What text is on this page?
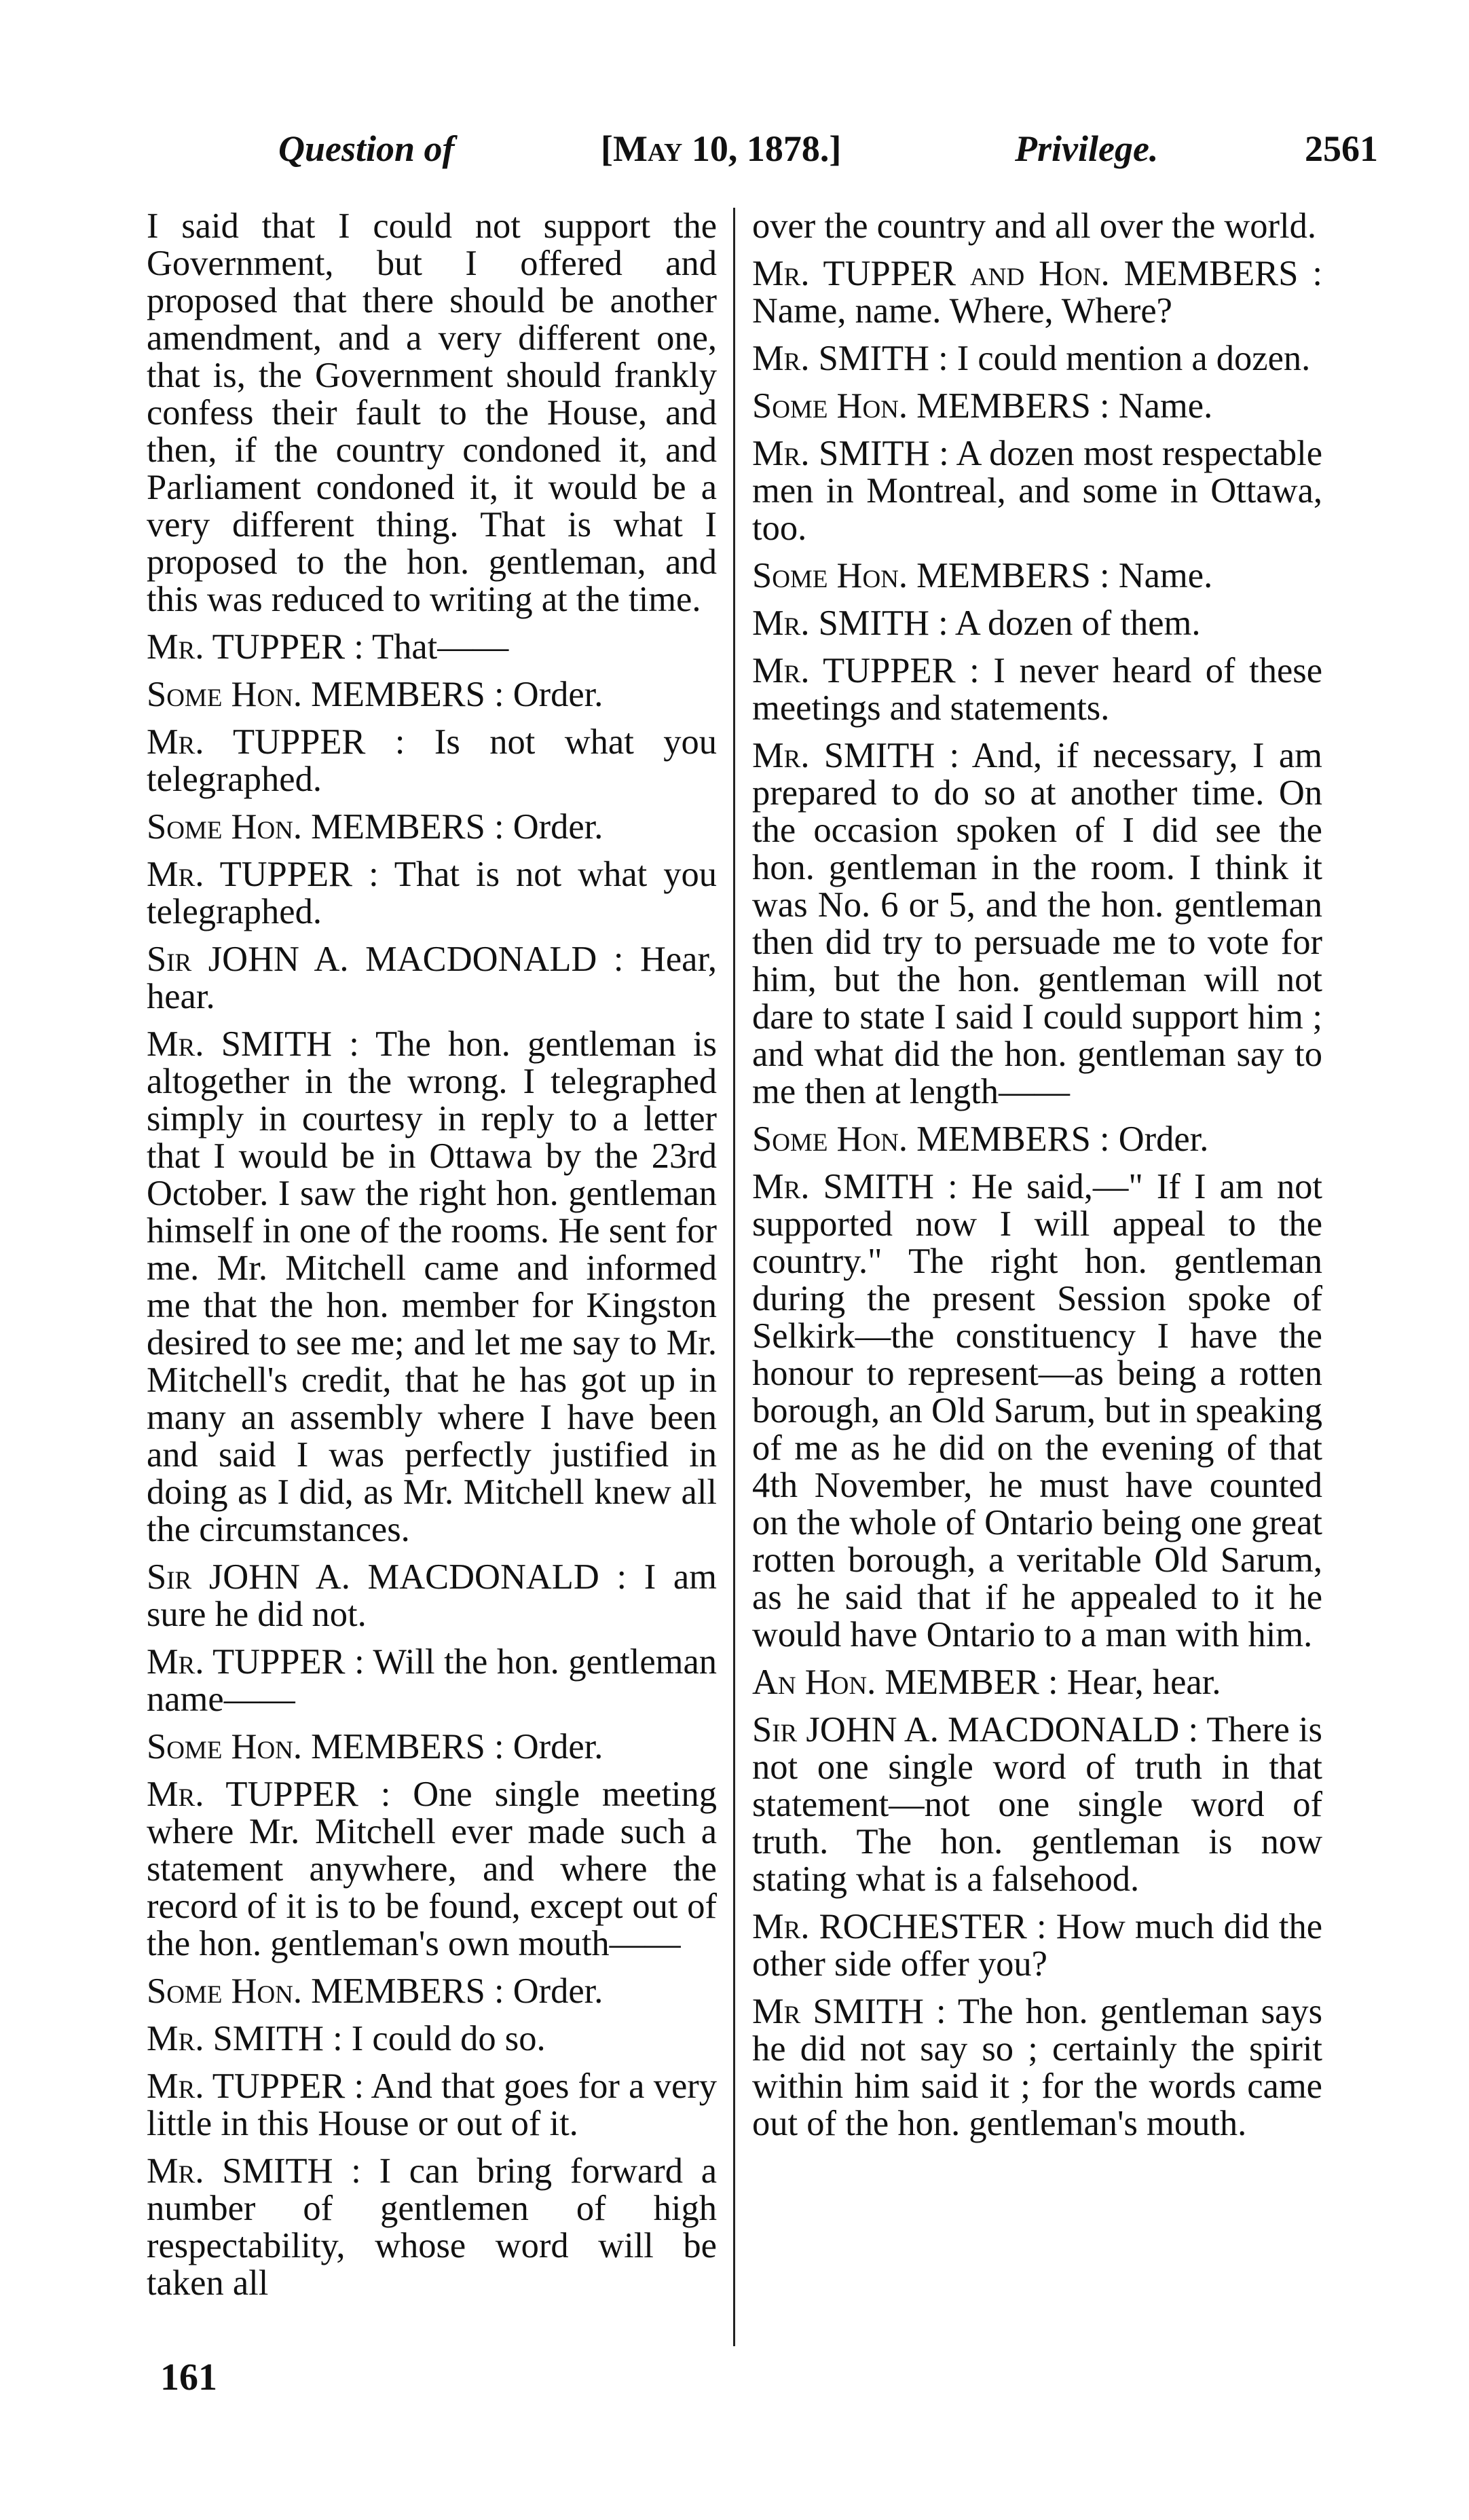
Question of	[May 10, 1878.]	Privilege.	2561

I said that I could not support the Government, but I offered and proposed that there should be another amendment, and a very different one, that is, the Government should frankly confess their fault to the House, and then, if the country condoned it, and Parliament condoned it, it would be a very different thing. That is what I proposed to the hon. gentleman, and this was reduced to writing at the time.

Mr. TUPPER : That——

Some Hon. MEMBERS : Order.

Mr. TUPPER : Is not what you telegraphed.

Some Hon. MEMBERS : Order.

Mr. TUPPER : That is not what you telegraphed.

Sir JOHN A. MACDONALD : Hear, hear.

Mr. SMITH : The hon. gentleman is altogether in the wrong. I telegraphed simply in courtesy in reply to a letter that I would be in Ottawa by the 23rd October. I saw the right hon. gentleman himself in one of the rooms. He sent for me. Mr. Mitchell came and informed me that the hon. member for Kingston desired to see me; and let me say to Mr. Mitchell's credit, that he has got up in many an assembly where I have been and said I was perfectly justified in doing as I did, as Mr. Mitchell knew all the circumstances.

Sir JOHN A. MACDONALD : I am sure he did not.

Mr. TUPPER : Will the hon. gentleman name——

Some Hon. MEMBERS : Order.

Mr. TUPPER : One single meeting where Mr. Mitchell ever made such a statement anywhere, and where the record of it is to be found, except out of the hon. gentleman's own mouth——

Some Hon. MEMBERS : Order.

Mr. SMITH : I could do so.

Mr. TUPPER : And that goes for a very little in this House or out of it.

Mr. SMITH : I can bring forward a number of gentlemen of high respectability, whose word will be taken all

over the country and all over the world.

Mr. TUPPER and Hon. MEMBERS : Name, name. Where, Where?

Mr. SMITH : I could mention a dozen.

Some Hon. MEMBERS : Name.

Mr. SMITH : A dozen most respectable men in Montreal, and some in Ottawa, too.

Some Hon. MEMBERS : Name.

Mr. SMITH : A dozen of them.

Mr. TUPPER : I never heard of these meetings and statements.

Mr. SMITH : And, if necessary, I am prepared to do so at another time. On the occasion spoken of I did see the hon. gentleman in the room. I think it was No. 6 or 5, and the hon. gentleman then did try to persuade me to vote for him, but the hon. gentleman will not dare to state I said I could support him ; and what did the hon. gentleman say to me then at length——

Some Hon. MEMBERS : Order.

Mr. SMITH : He said,—" If I am not supported now I will appeal to the country." The right hon. gentleman during the present Session spoke of Selkirk—the constituency I have the honour to represent—as being a rotten borough, an Old Sarum, but in speaking of me as he did on the evening of that 4th November, he must have counted on the whole of Ontario being one great rotten borough, a veritable Old Sarum, as he said that if he appealed to it he would have Ontario to a man with him.

An Hon. MEMBER : Hear, hear.

Sir JOHN A. MACDONALD : There is not one single word of truth in that statement—not one single word of truth. The hon. gentleman is now stating what is a falsehood.

Mr. ROCHESTER : How much did the other side offer you?

Mr SMITH : The hon. gentleman says he did not say so ; certainly the spirit within him said it ; for the words came out of the hon. gentleman's mouth.

161
